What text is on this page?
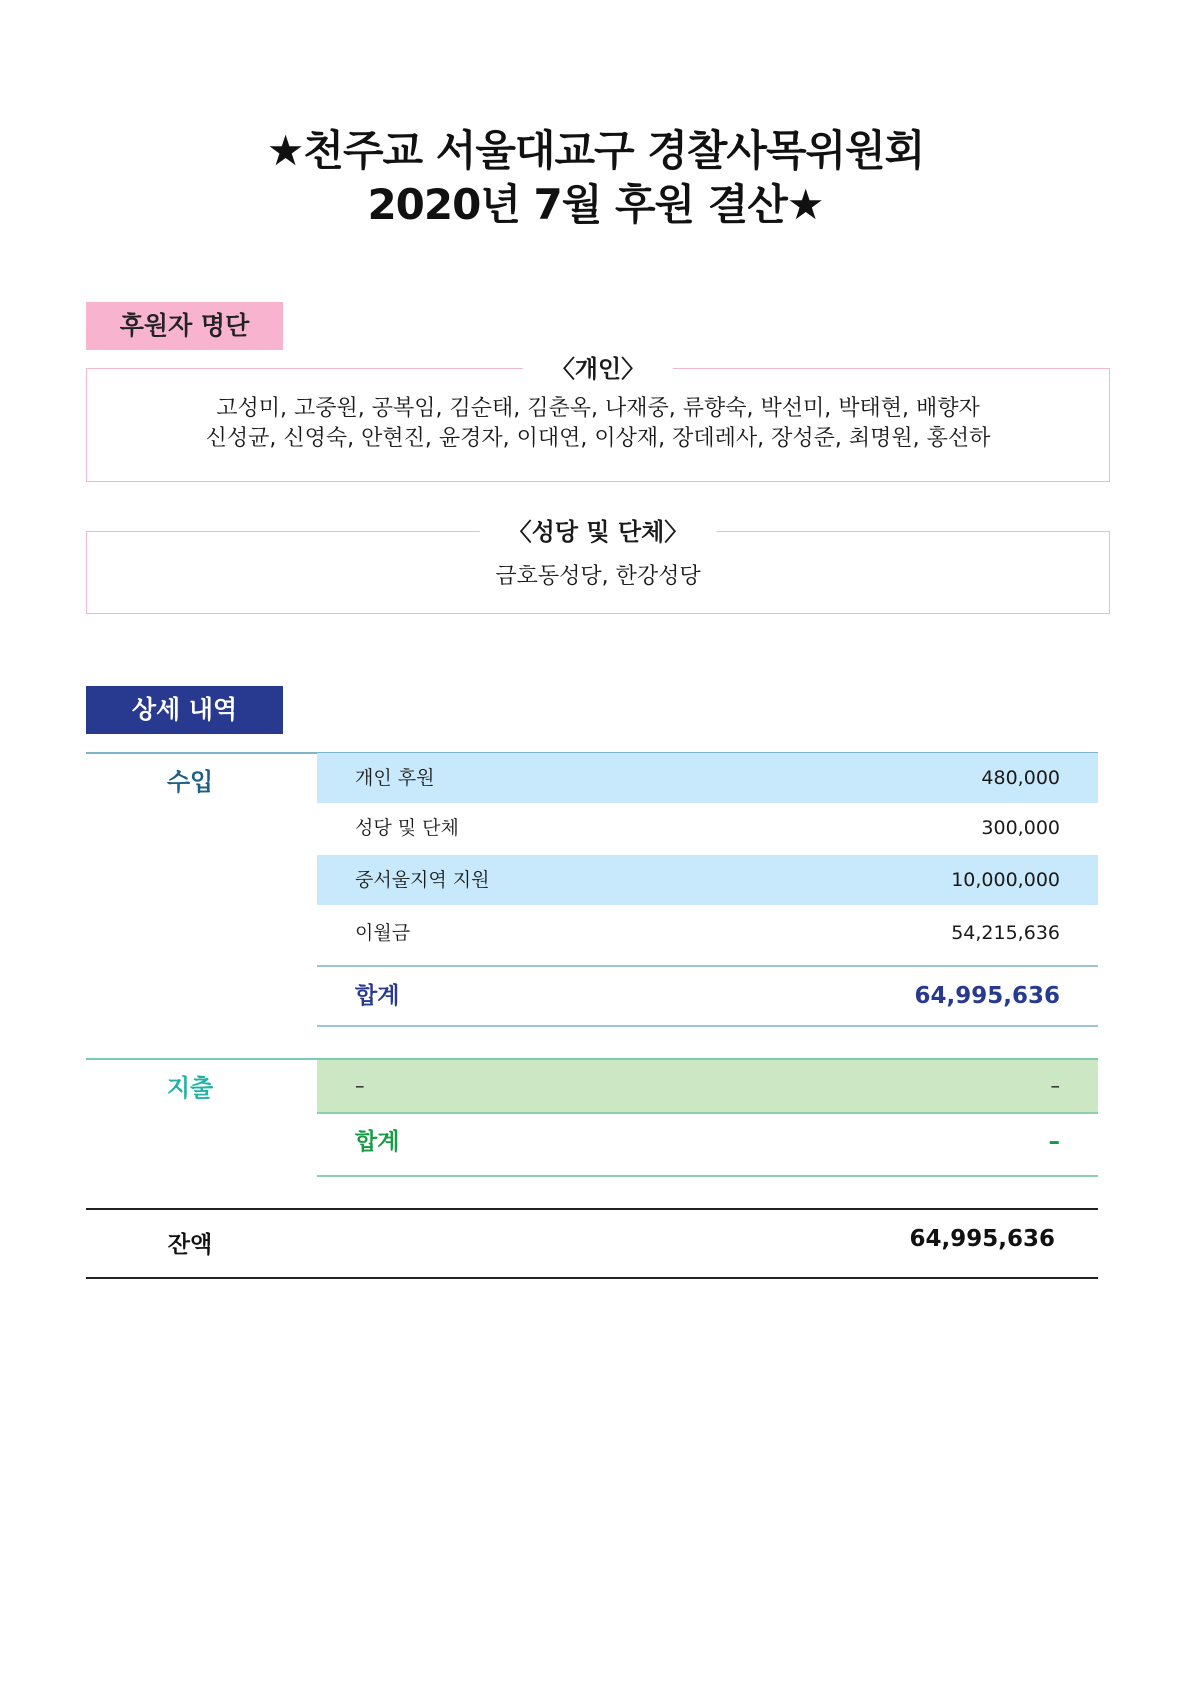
★천주교 서울대교구 경찰사목위원회
2020년 7월 후원 결산★
후원자 명단
〈개인〉
고성미, 고중원, 공복임, 김순태, 김춘옥, 나재중, 류향숙, 박선미, 박태현, 배향자
신성균, 신영숙, 안현진, 윤경자, 이대연, 이상재, 장데레사, 장성준, 최명원, 홍선하
〈성당 및 단체〉
금호동성당, 한강성당
상세 내역
수입	개인 후원	480,000
성당 및 단체	300,000
중서울지역 지원	10,000,000
이월금	54,215,636
합계	64,995,636
지출	–	–
합계	–
잔액	64,995,636
